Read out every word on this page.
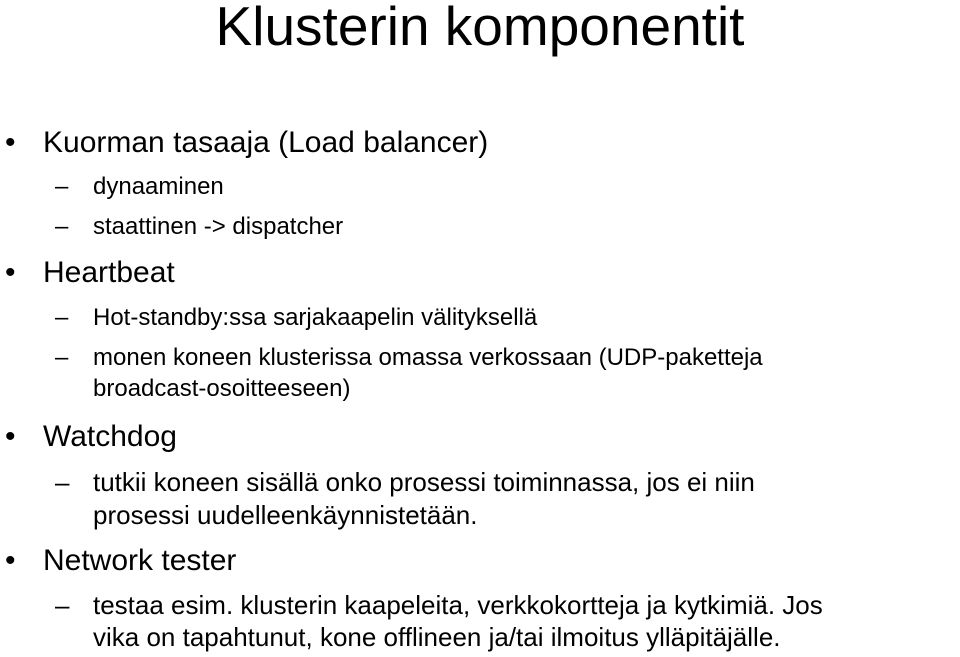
Klusterin komponentit
• Kuorman tasaaja (Load balancer)
– dynaaminen
– staattinen -> dispatcher
• Heartbeat
– Hot-standby:ssa sarjakaapelin välityksellä
– monen koneen klusterissa omassa verkossaan (UDP-paketteja
broadcast-osoitteeseen)
• Watchdog
– tutkii koneen sisällä onko prosessi toiminnassa, jos ei niin
prosessi uudelleenkäynnistetään.
• Network tester
– testaa esim. klusterin kaapeleita, verkkokortteja ja kytkimiä. Jos
vika on tapahtunut, kone offlineen ja/tai ilmoitus ylläpitäjälle.
